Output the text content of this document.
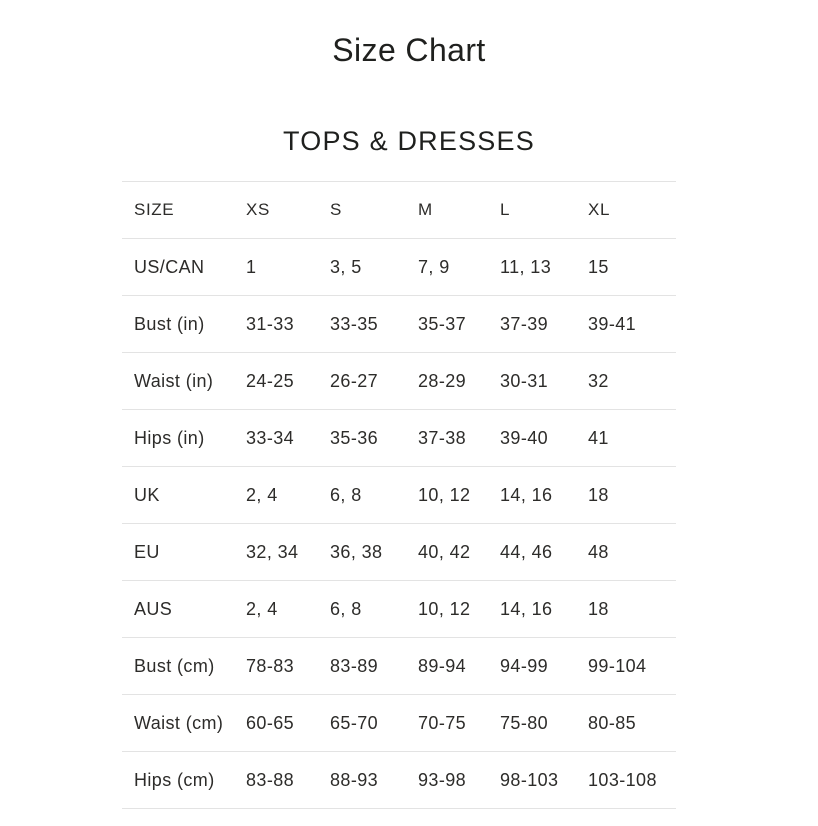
Size Chart
TOPS & DRESSES
SIZE	XS	S	M	L	XL
US/CAN	1	3, 5	7, 9	11, 13	15
Bust (in)	31-33	33-35	35-37	37-39	39-41
Waist (in)	24-25	26-27	28-29	30-31	32
Hips (in)	33-34	35-36	37-38	39-40	41
UK	2, 4	6, 8	10, 12	14, 16	18
EU	32, 34	36, 38	40, 42	44, 46	48
AUS	2, 4	6, 8	10, 12	14, 16	18
Bust (cm)	78-83	83-89	89-94	94-99	99-104
Waist (cm)	60-65	65-70	70-75	75-80	80-85
Hips (cm)	83-88	88-93	93-98	98-103	103-108
